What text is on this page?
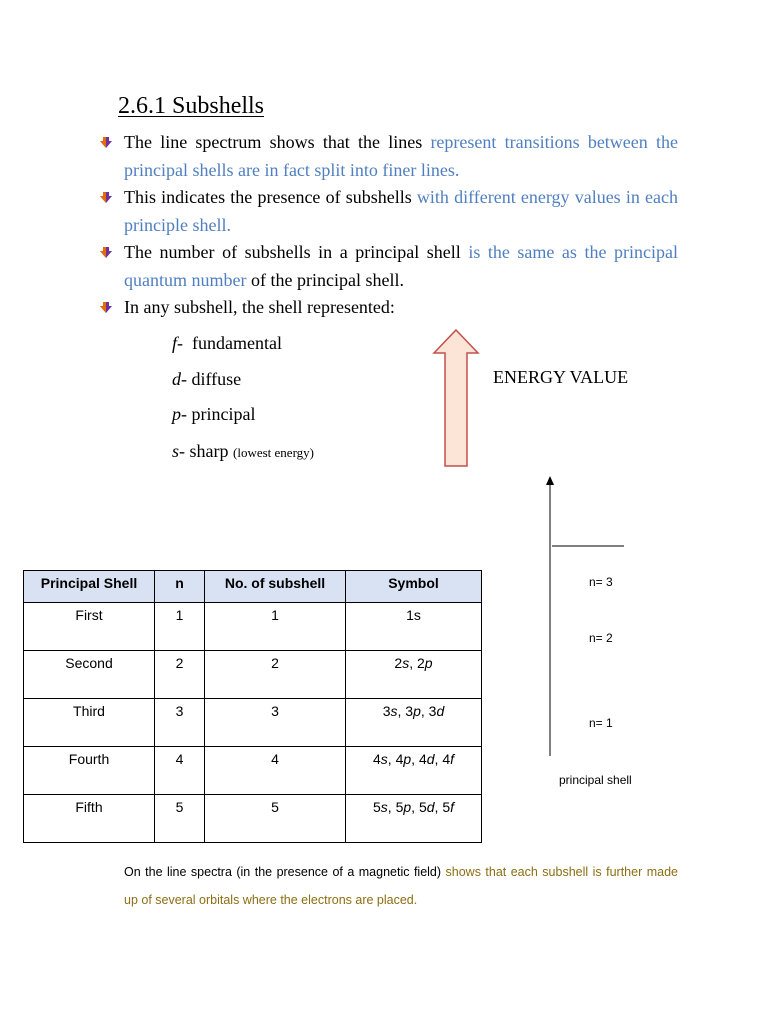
2.6.1 Subshells
The line spectrum shows that the lines represent transitions between the principal shells are in fact split into finer lines.
This indicates the presence of subshells with different energy values in each principle shell.
The number of subshells in a principal shell is the same as the principal quantum number of the principal shell.
In any subshell, the shell represented:
f-  fundamental
d- diffuse
p- principal
s- sharp (lowest energy)
ENERGY VALUE
Principal Shell	n	No. of subshell	Symbol
First	1	1	1s
Second	2	2	2s, 2p
Third	3	3	3s, 3p, 3d
Fourth	4	4	4s, 4p, 4d, 4f
Fifth	5	5	5s, 5p, 5d, 5f
n= 3
n= 2
n= 1
principal shell
On the line spectra (in the presence of a magnetic field) shows that each subshell is further made up of several orbitals where the electrons are placed.
